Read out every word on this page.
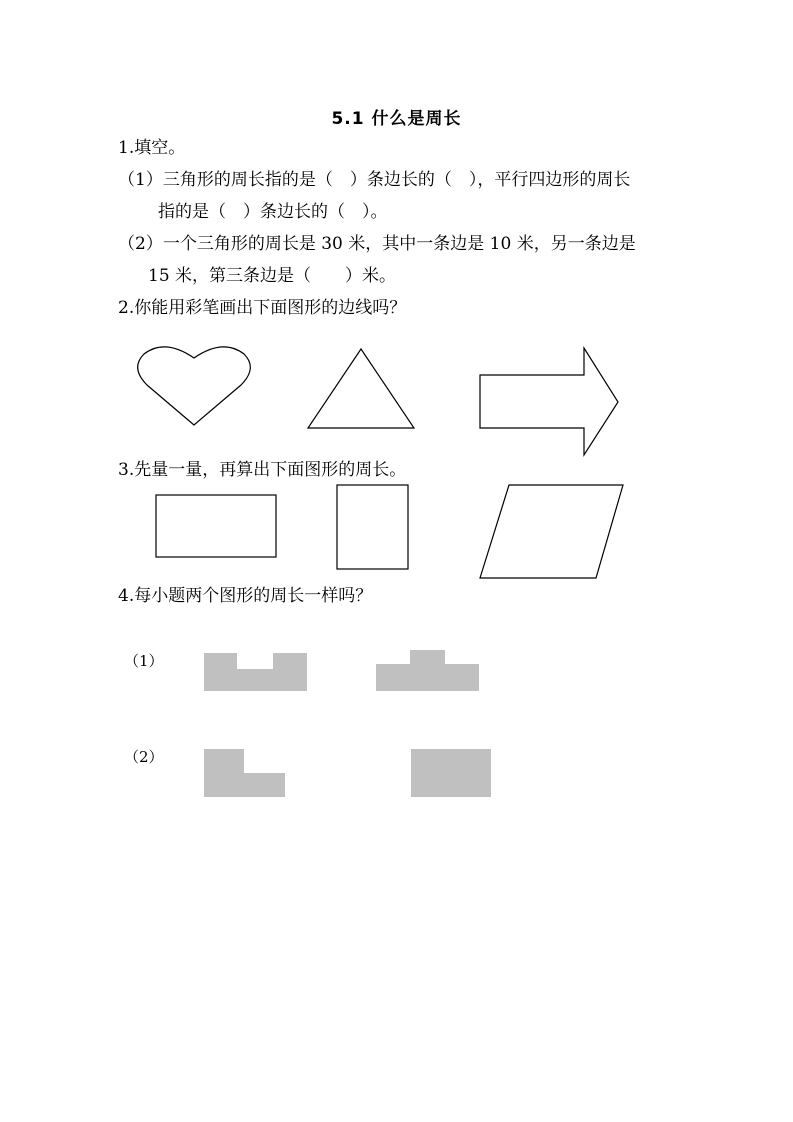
5.1 什么是周长
1.填空。
（1）三角形的周长指的是（　）条边长的（　），平行四边形的周长
指的是（　）条边长的（　）。
（2）一个三角形的周长是 30 米，其中一条边是 10 米，另一条边是
15 米，第三条边是（　　）米。
2.你能用彩笔画出下面图形的边线吗？
3.先量一量，再算出下面图形的周长。
4.每小题两个图形的周长一样吗？
（1）
（2）
